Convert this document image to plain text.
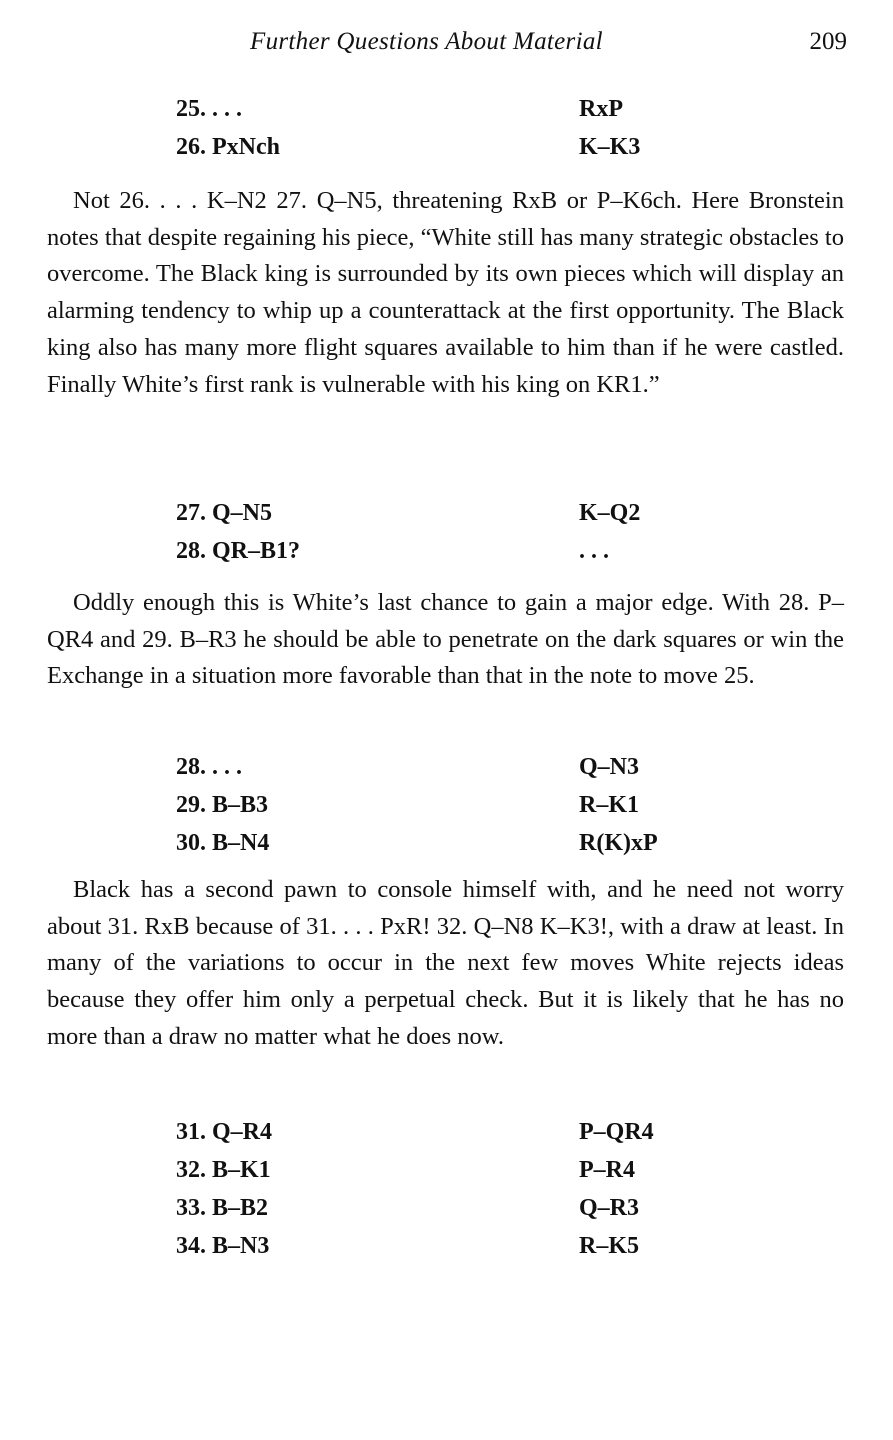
Further Questions About Material	209
25. . . .	RxP
26. PxNch	K–K3

Not 26. . . . K–N2 27. Q–N5, threatening RxB or P–K6ch. Here Bronstein notes that despite regaining his piece, “White still has many strategic obstacles to overcome. The Black king is surrounded by its own pieces which will display an alarming tendency to whip up a counterattack at the first opportunity. The Black king also has many more flight squares available to him than if he were castled. Finally White’s first rank is vulnerable with his king on KR1.”

27. Q–N5	K–Q2
28. QR–B1?	. . .

Oddly enough this is White’s last chance to gain a major edge. With 28. P–QR4 and 29. B–R3 he should be able to penetrate on the dark squares or win the Exchange in a situation more favorable than that in the note to move 25.

28. . . .	Q–N3
29. B–B3	R–K1
30. B–N4	R(K)xP

Black has a second pawn to console himself with, and he need not worry about 31. RxB because of 31. . . . PxR! 32. Q–N8 K–K3!, with a draw at least. In many of the variations to occur in the next few moves White rejects ideas because they offer him only a perpetual check. But it is likely that he has no more than a draw no matter what he does now.

31. Q–R4	P–QR4
32. B–K1	P–R4
33. B–B2	Q–R3
34. B–N3	R–K5
